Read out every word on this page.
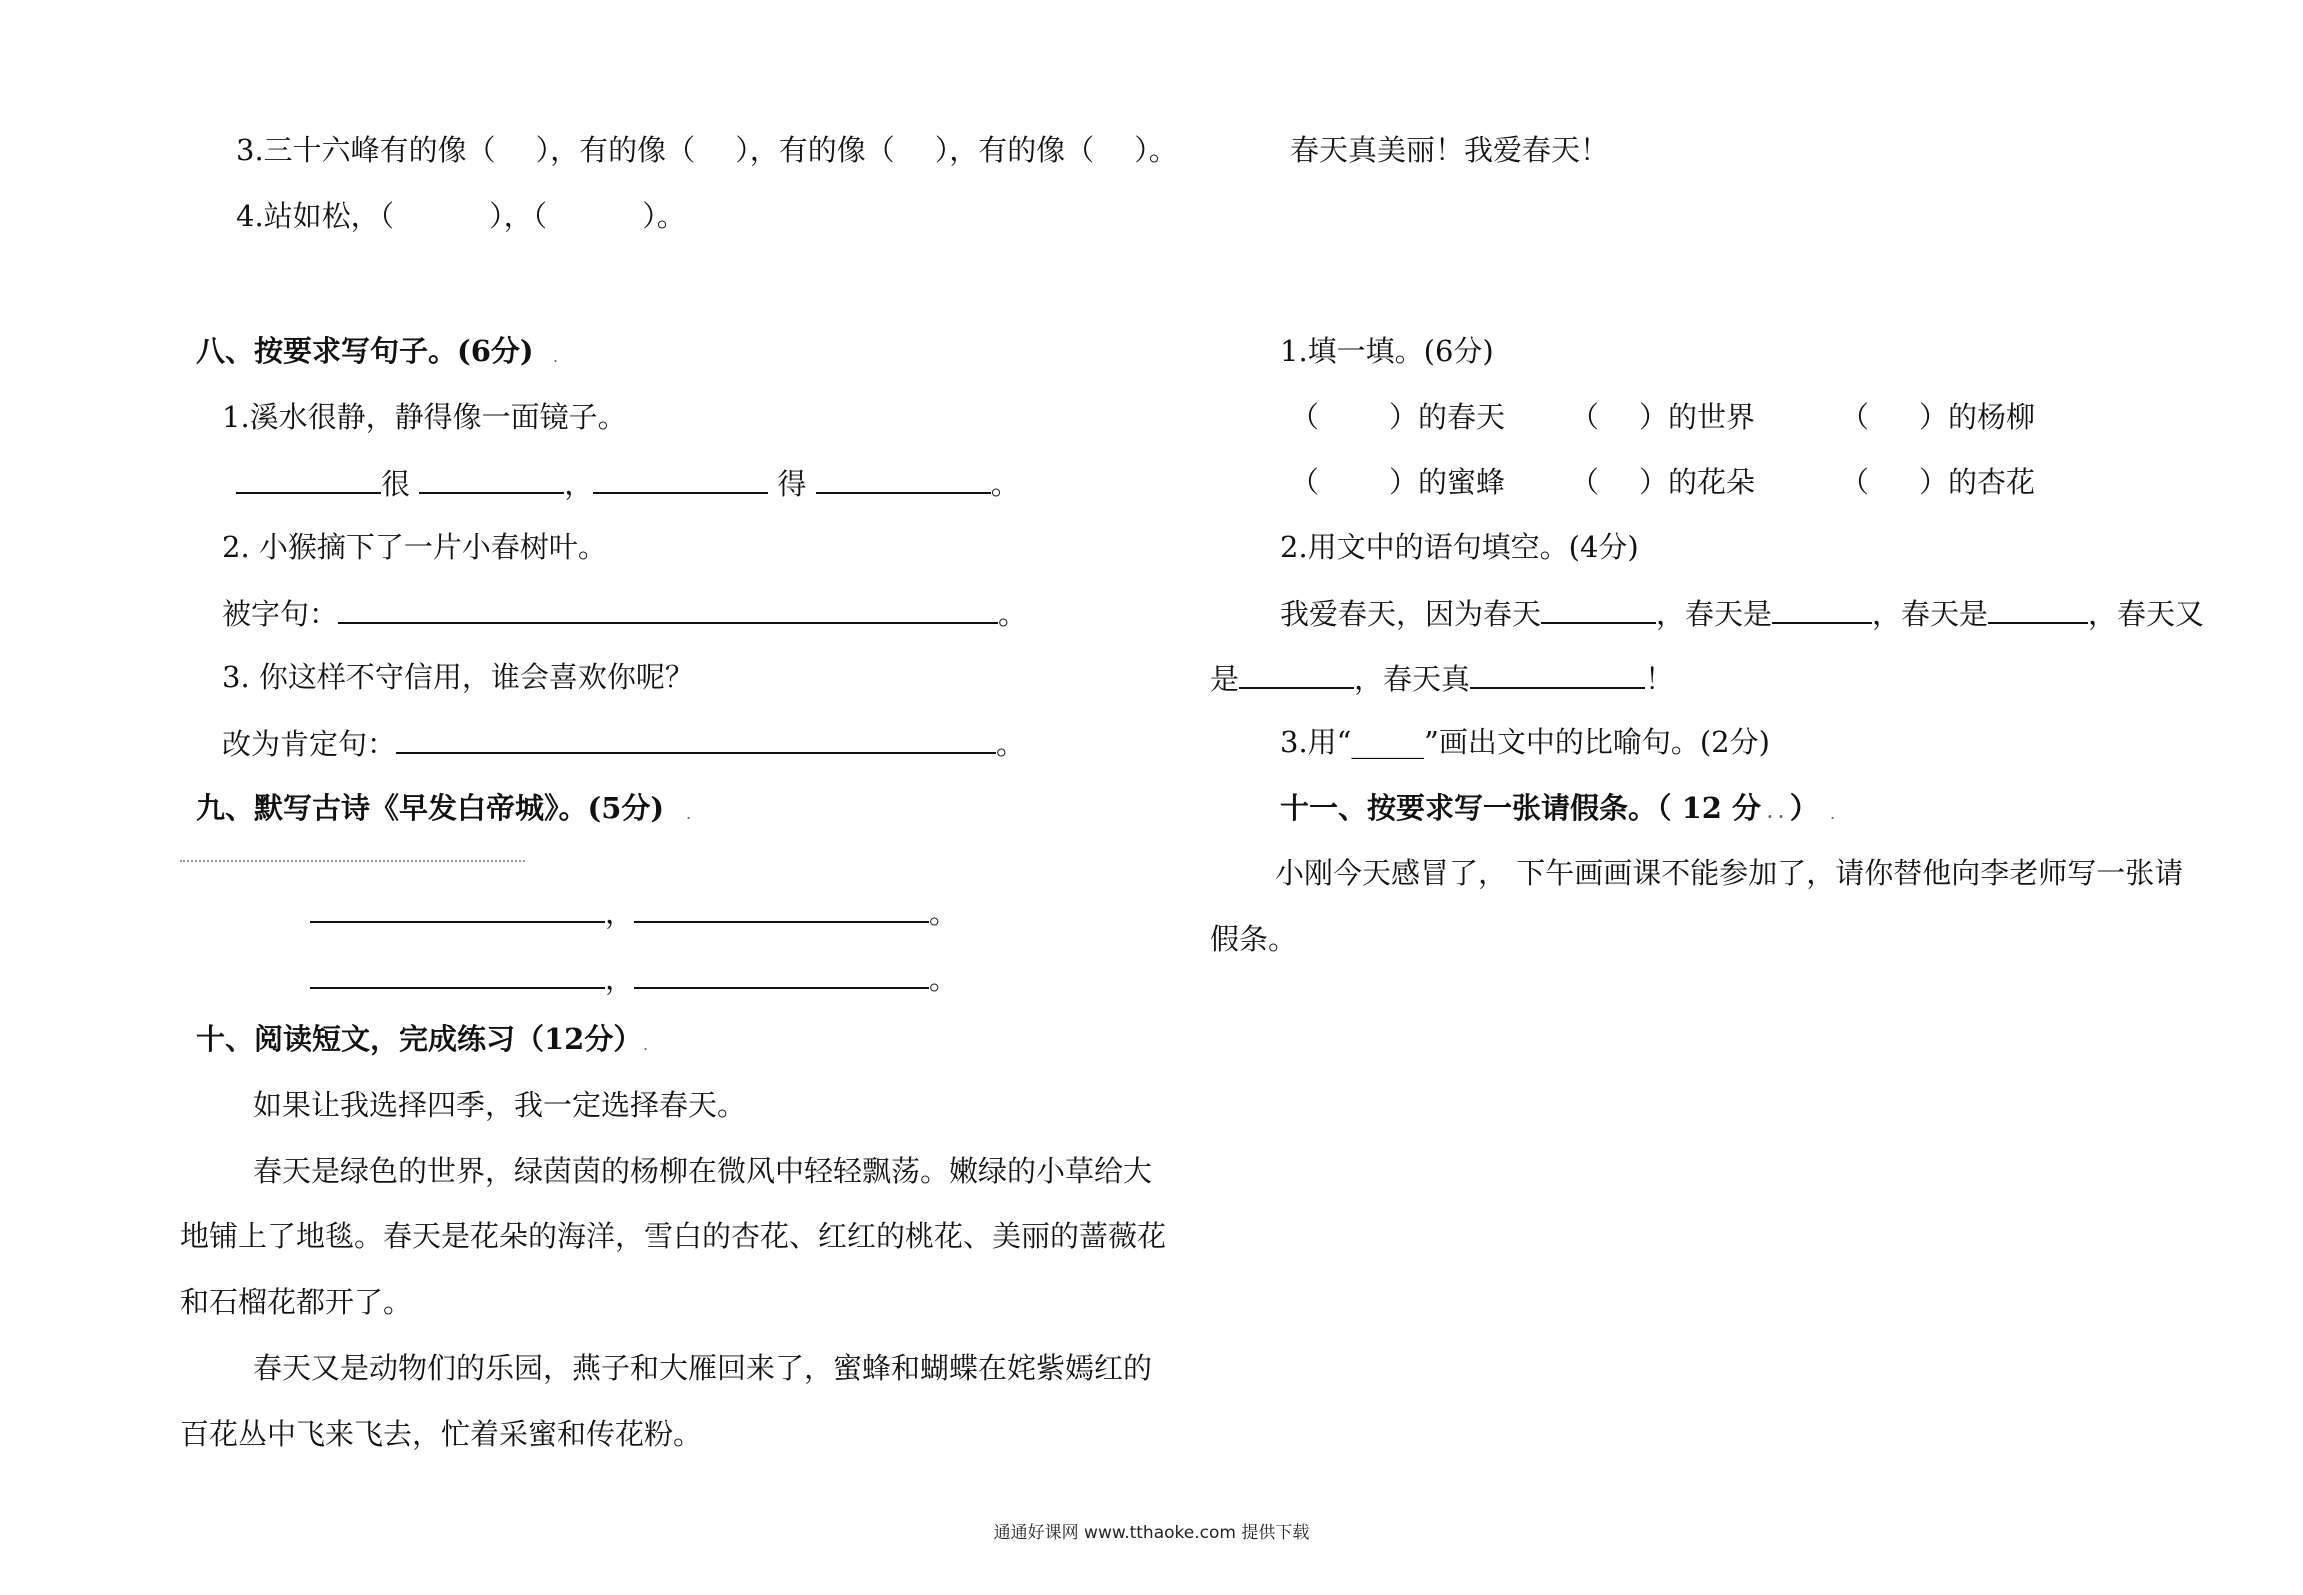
3.三十六峰有的像（ ），有的像（ ），有的像（ ），有的像（ ）。
4.站如松，（	），（	）。
八、按要求写句子。(6分) .
1.溪水很静，静得像一面镜子。
很	，	得	。
2. 小猴摘下了一片小春树叶。
被字句：	。
3. 你这样不守信用，谁会喜欢你呢？
改为肯定句：	。
九、默写古诗《早发白帝城》。(5分) .
，	。
，	。
十、阅读短文，完成练习（12分） .
如果让我选择四季，我一定选择春天。
春天是绿色的世界，绿茵茵的杨柳在微风中轻轻飘荡。嫩绿的小草给大
地铺上了地毯。春天是花朵的海洋，雪白的杏花、红红的桃花、美丽的蔷薇花
和石榴花都开了。
春天又是动物们的乐园，燕子和大雁回来了，蜜蜂和蝴蝶在姹紫嫣红的
百花丛中飞来飞去，忙着采蜜和传花粉。
春天真美丽！我爱春天！
1.填一填。(6分)
（ ）的春天 （ ）的世界	（ ）的杨柳
（ ）的蜜蜂 （ ）的花朵	（ ）的杏花
2.用文中的语句填空。(4分)
我爱春天，因为春天	，春天是	，春天是	，春天又
是	，春天真	！
3.用“_____”画出文中的比喻句。(2分)
十一、按要求写一张请假条。（ 12 分 . . ） .
小刚今天感冒了， 下午画画课不能参加了，请你替他向李老师写一张请
假条。
通通好课网 www.tthaoke.com 提供下载
